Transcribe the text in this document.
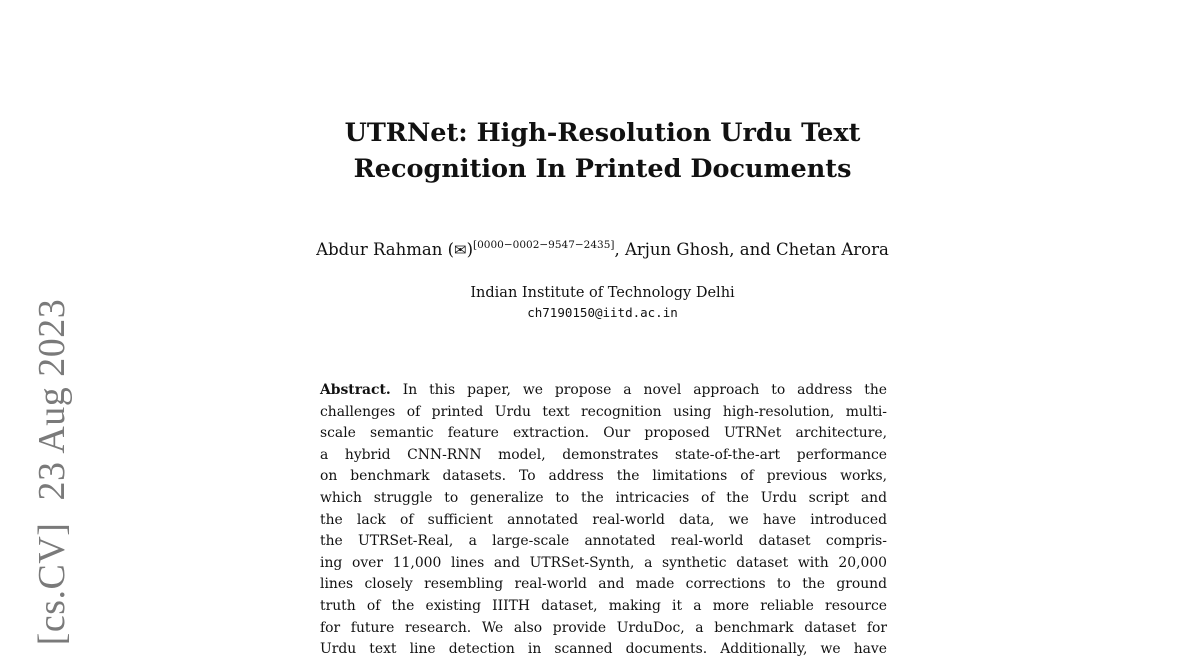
[cs.CV]23 Aug 2023
UTRNet: High-Resolution Urdu Text
Recognition In Printed Documents
Abdur Rahman (✉)[0000−0002−9547−2435], Arjun Ghosh, and Chetan Arora
Indian Institute of Technology Delhi
ch7190150@iitd.ac.in
Abstract. In this paper, we propose a novel approach to address the
challenges of printed Urdu text recognition using high-resolution, multi-
scale semantic feature extraction. Our proposed UTRNet architecture,
a hybrid CNN-RNN model, demonstrates state-of-the-art performance
on benchmark datasets. To address the limitations of previous works,
which struggle to generalize to the intricacies of the Urdu script and
the lack of sufficient annotated real-world data, we have introduced
the UTRSet-Real, a large-scale annotated real-world dataset compris-
ing over 11,000 lines and UTRSet-Synth, a synthetic dataset with 20,000
lines closely resembling real-world and made corrections to the ground
truth of the existing IIITH dataset, making it a more reliable resource
for future research. We also provide UrduDoc, a benchmark dataset for
Urdu text line detection in scanned documents. Additionally, we have
